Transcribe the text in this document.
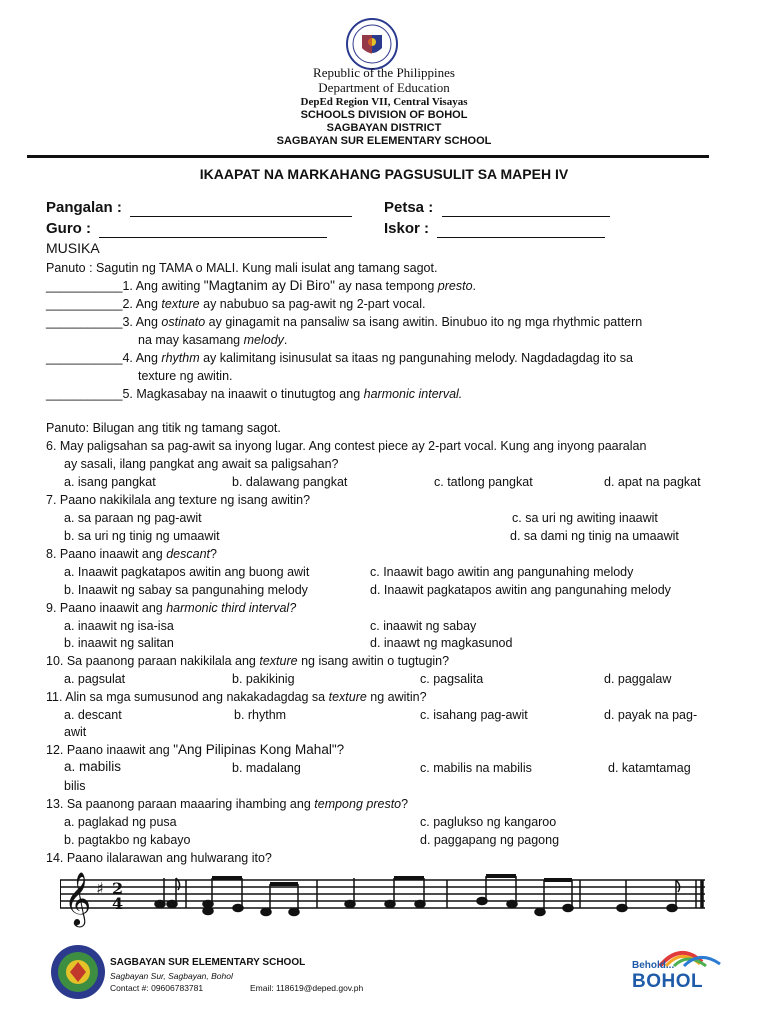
Republic of the Philippines
Department of Education
DepEd Region VII, Central Visayas
SCHOOLS DIVISION OF BOHOL
SAGBAYAN DISTRICT
SAGBAYAN SUR ELEMENTARY SCHOOL
IKAAPAT NA MARKAHANG PAGSUSULIT SA MAPEH IV
Pangalan :	Petsa :
Guro :	Iskor :
MUSIKA
Panuto : Sagutin ng TAMA o MALI. Kung mali isulat ang tamang sagot.
___________1. Ang awiting "Magtanim ay Di Biro" ay nasa tempong presto.
___________2. Ang texture ay nabubuo sa pag-awit ng 2-part vocal.
___________3. Ang ostinato ay ginagamit na pansaliw sa isang awitin. Binubuo ito ng mga rhythmic pattern
na may kasamang melody.
___________4. Ang rhythm ay kalimitang isinusulat sa itaas ng pangunahing melody. Nagdadagdag ito sa
texture ng awitin.
___________5. Magkasabay na inaawit o tinutugtog ang harmonic interval.
Panuto: Bilugan ang titik ng tamang sagot.
6. May paligsahan sa pag-awit sa inyong lugar. Ang contest piece ay 2-part vocal. Kung ang inyong paaralan
ay sasali, ilang pangkat ang await sa paligsahan?
a. isang pangkat	b. dalawang pangkat	c. tatlong pangkat	d. apat na pagkat
7. Paano nakikilala ang texture ng isang awitin?
a. sa paraan ng pag-awit	c. sa uri ng awiting inaawit
b. sa uri ng tinig ng umaawit	d. sa dami ng tinig na umaawit
8. Paano inaawit ang descant?
a. Inaawit pagkatapos awitin ang buong awit	c. Inaawit bago awitin ang pangunahing melody
b. Inaawit ng sabay sa pangunahing melody	d. Inaawit pagkatapos awitin ang pangunahing melody
9. Paano inaawit ang harmonic third interval?
a. inaawit ng isa-isa	c. inaawit ng sabay
b. inaawit ng salitan	d. inaawt ng magkasunod
10. Sa paanong paraan nakikilala ang texture ng isang awitin o tugtugin?
a. pagsulat	b. pakikinig	c. pagsalita	d. paggalaw
11. Alin sa mga sumusunod ang nakakadagdag sa texture ng awitin?
a. descant	b. rhythm	c. isahang pag-awit	d. payak na pag-
awit
12. Paano inaawit ang "Ang Pilipinas Kong Mahal"?
a. mabilis	b. madalang	c. mabilis na mabilis	d. katamtamag
bilis
13. Sa paanong paraan maaaring ihambing ang tempong presto?
a. paglakad ng pusa	c. paglukso ng kangaroo
b. pagtakbo ng kabayo	d. paggapang ng pagong
14. Paano ilalarawan ang hulwarang ito?
𝄞 ♯ 2
4
SAGBAYAN SUR ELEMENTARY SCHOOL
Sagbayan Sur, Sagbayan, Bohol
Contact #: 09606783781	Email: 118619@deped.gov.ph
Behold...
BOHOL
